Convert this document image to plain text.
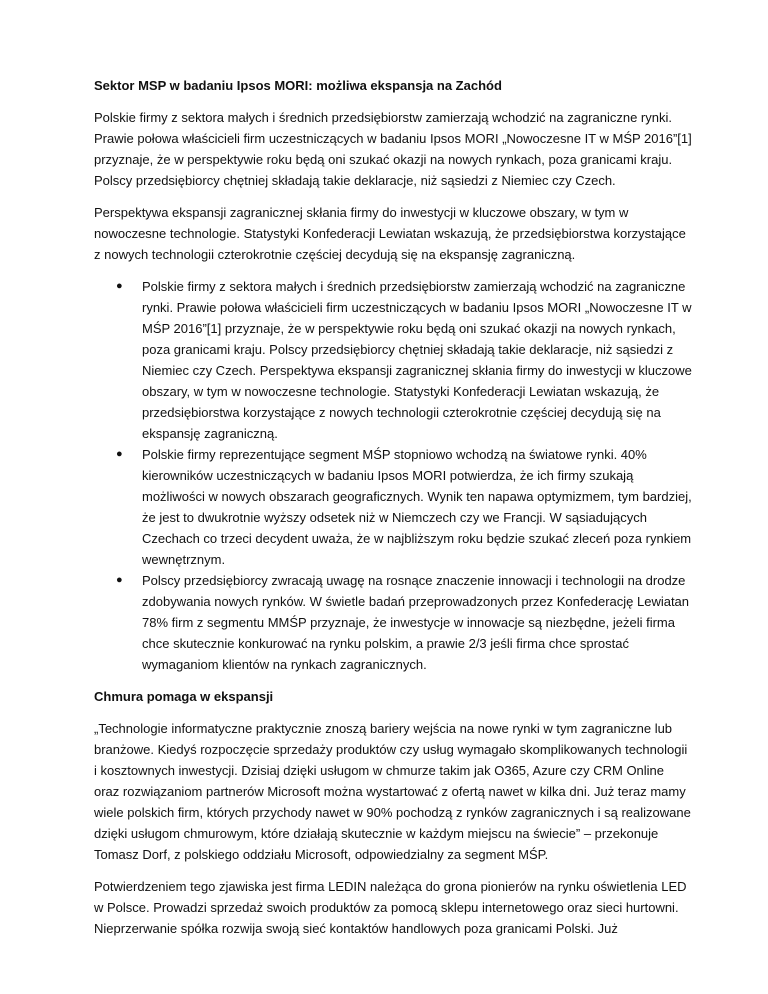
Sektor MSP w badaniu Ipsos MORI: możliwa ekspansja na Zachód

Polskie firmy z sektora małych i średnich przedsiębiorstw zamierzają wchodzić na zagraniczne rynki. Prawie połowa właścicieli firm uczestniczących w badaniu Ipsos MORI „Nowoczesne IT w MŚP 2016”[1] przyznaje, że w perspektywie roku będą oni szukać okazji na nowych rynkach, poza granicami kraju. Polscy przedsiębiorcy chętniej składają takie deklaracje, niż sąsiedzi z Niemiec czy Czech.

Perspektywa ekspansji zagranicznej skłania firmy do inwestycji w kluczowe obszary, w tym w nowoczesne technologie. Statystyki Konfederacji Lewiatan wskazują, że przedsiębiorstwa korzystające z nowych technologii czterokrotnie częściej decydują się na ekspansję zagraniczną.

● Polskie firmy z sektora małych i średnich przedsiębiorstw zamierzają wchodzić na zagraniczne rynki. Prawie połowa właścicieli firm uczestniczących w badaniu Ipsos MORI „Nowoczesne IT w MŚP 2016”[1] przyznaje, że w perspektywie roku będą oni szukać okazji na nowych rynkach, poza granicami kraju. Polscy przedsiębiorcy chętniej składają takie deklaracje, niż sąsiedzi z Niemiec czy Czech. Perspektywa ekspansji zagranicznej skłania firmy do inwestycji w kluczowe obszary, w tym w nowoczesne technologie. Statystyki Konfederacji Lewiatan wskazują, że przedsiębiorstwa korzystające z nowych technologii czterokrotnie częściej decydują się na ekspansję zagraniczną.
● Polskie firmy reprezentujące segment MŚP stopniowo wchodzą na światowe rynki. 40% kierowników uczestniczących w badaniu Ipsos MORI potwierdza, że ich firmy szukają możliwości w nowych obszarach geograficznych. Wynik ten napawa optymizmem, tym bardziej, że jest to dwukrotnie wyższy odsetek niż w Niemczech czy we Francji. W sąsiadujących Czechach co trzeci decydent uważa, że w najbliższym roku będzie szukać zleceń poza rynkiem wewnętrznym.
● Polscy przedsiębiorcy zwracają uwagę na rosnące znaczenie innowacji i technologii na drodze zdobywania nowych rynków. W świetle badań przeprowadzonych przez Konfederację Lewiatan 78% firm z segmentu MMŚP przyznaje, że inwestycje w innowacje są niezbędne, jeżeli firma chce skutecznie konkurować na rynku polskim, a prawie 2/3 jeśli firma chce sprostać wymaganiom klientów na rynkach zagranicznych.
Chmura pomaga w ekspansji

„Technologie informatyczne praktycznie znoszą bariery wejścia na nowe rynki w tym zagraniczne lub branżowe. Kiedyś rozpoczęcie sprzedaży produktów czy usług wymagało skomplikowanych technologii i kosztownych inwestycji. Dzisiaj dzięki usługom w chmurze takim jak O365, Azure czy CRM Online oraz rozwiązaniom partnerów Microsoft można wystartować z ofertą nawet w kilka dni. Już teraz mamy wiele polskich firm, których przychody nawet w 90% pochodzą z rynków zagranicznych i są realizowane dzięki usługom chmurowym, które działają skutecznie w każdym miejscu na świecie” – przekonuje Tomasz Dorf, z polskiego oddziału Microsoft, odpowiedzialny za segment MŚP.

Potwierdzeniem tego zjawiska jest firma LEDIN należąca do grona pionierów na rynku oświetlenia LED w Polsce. Prowadzi sprzedaż swoich produktów za pomocą sklepu internetowego oraz sieci hurtowni. Nieprzerwanie spółka rozwija swoją sieć kontaktów handlowych poza granicami Polski. Już
